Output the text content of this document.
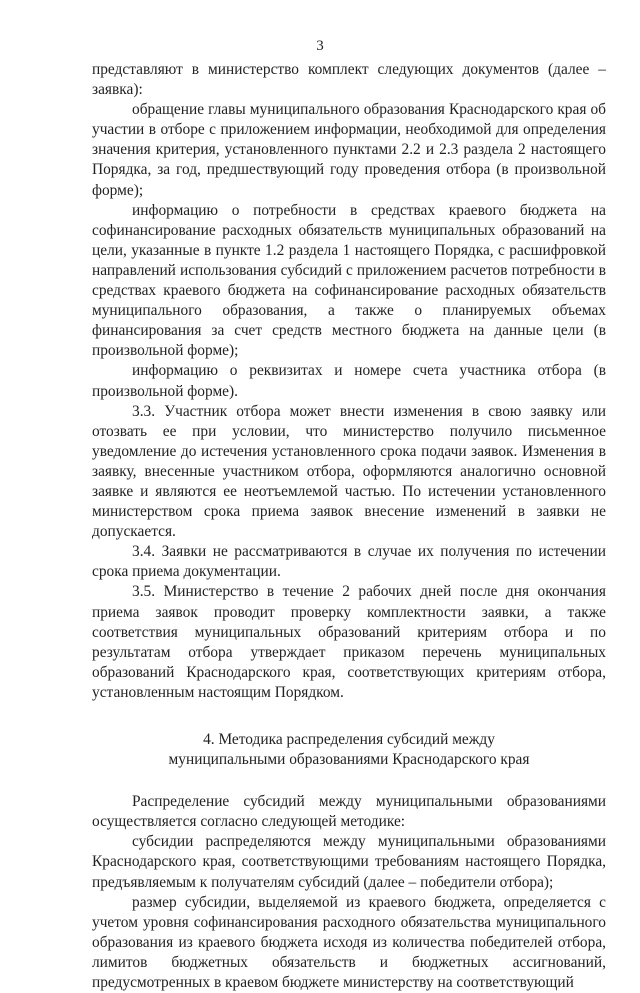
3

представляют в министерство комплект следующих документов (далее – заявка):

обращение главы муниципального образования Краснодарского края об участии в отборе с приложением информации, необходимой для определения значения критерия, установленного пунктами 2.2 и 2.3 раздела 2 настоящего Порядка, за год, предшествующий году проведения отбора (в произвольной форме);

информацию о потребности в средствах краевого бюджета на софинансирование расходных обязательств муниципальных образований на цели, указанные в пункте 1.2 раздела 1 настоящего Порядка, с расшифровкой направлений использования субсидий с приложением расчетов потребности в средствах краевого бюджета на софинансирование расходных обязательств муниципального образования, а также о планируемых объемах финансирования за счет средств местного бюджета на данные цели (в произвольной форме);

информацию о реквизитах и номере счета участника отбора (в произвольной форме).

3.3. Участник отбора может внести изменения в свою заявку или отозвать ее при условии, что министерство получило письменное уведомление до истечения установленного срока подачи заявок. Изменения в заявку, внесенные участником отбора, оформляются аналогично основной заявке и являются ее неотъемлемой частью. По истечении установленного министерством срока приема заявок внесение изменений в заявки не допускается.

3.4. Заявки не рассматриваются в случае их получения по истечении срока приема документации.

3.5. Министерство в течение 2 рабочих дней после дня окончания приема заявок проводит проверку комплектности заявки, а также соответствия муниципальных образований критериям отбора и по результатам отбора утверждает приказом перечень муниципальных образований Краснодарского края, соответствующих критериям отбора, установленным настоящим Порядком.

4. Методика распределения субсидий между
муниципальными образованиями Краснодарского края

Распределение субсидий между муниципальными образованиями осуществляется согласно следующей методике:

субсидии распределяются между муниципальными образованиями Краснодарского края, соответствующими требованиям настоящего Порядка, предъявляемым к получателям субсидий (далее – победители отбора);

размер субсидии, выделяемой из краевого бюджета, определяется с учетом уровня софинансирования расходного обязательства муниципального образования из краевого бюджета исходя из количества победителей отбора, лимитов бюджетных обязательств и бюджетных ассигнований, предусмотренных в краевом бюджете министерству на соответствующий
